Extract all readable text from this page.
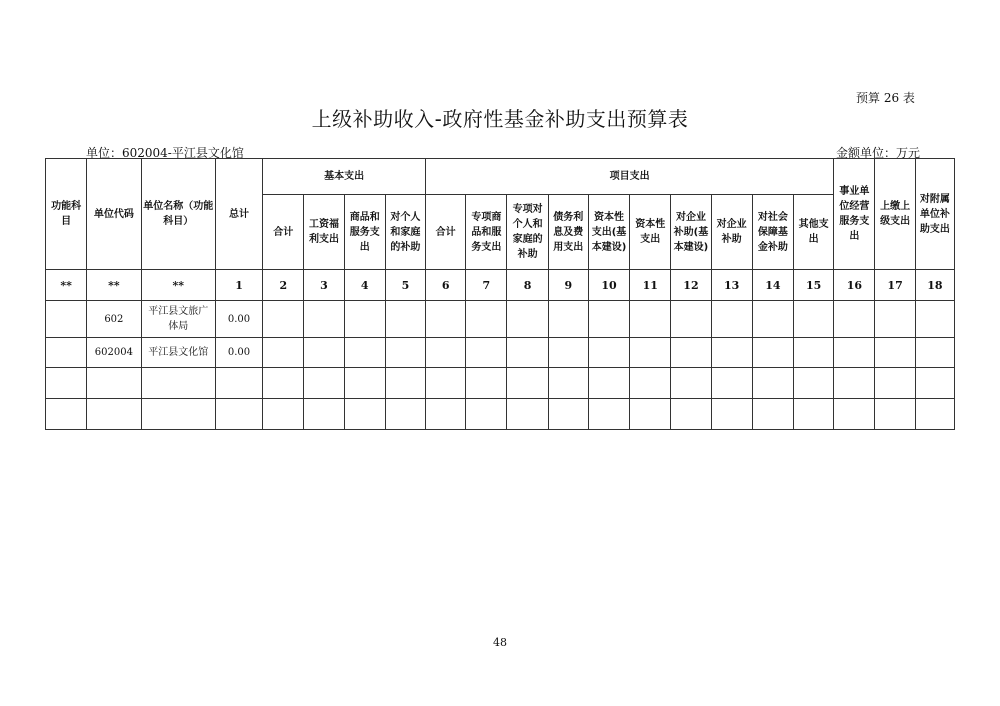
预算 26 表
上级补助收入-政府性基金补助支出预算表
单位：602004-平江县文化馆	金额单位：万元
功能科目	单位代码	单位名称（功能科目）	总计	基本支出				项目支出										事业单位经营服务支出	上缴上级支出	对附属单位补助支出
				合计	工资福利支出	商品和服务支出	对个人和家庭的补助	合计	专项商品和服务支出	专项对个人和家庭的补助	债务利息及费用支出	资本性支出(基本建设)	资本性支出	对企业补助(基本建设)	对企业补助	对社会保障基金补助	其他支出			
**	**	**	1	2	3	4	5	6	7	8	9	10	11	12	13	14	15	16	17	18
	602	平江县文旅广体局	0.00																	
	602004	平江县文化馆	0.00																	

48
